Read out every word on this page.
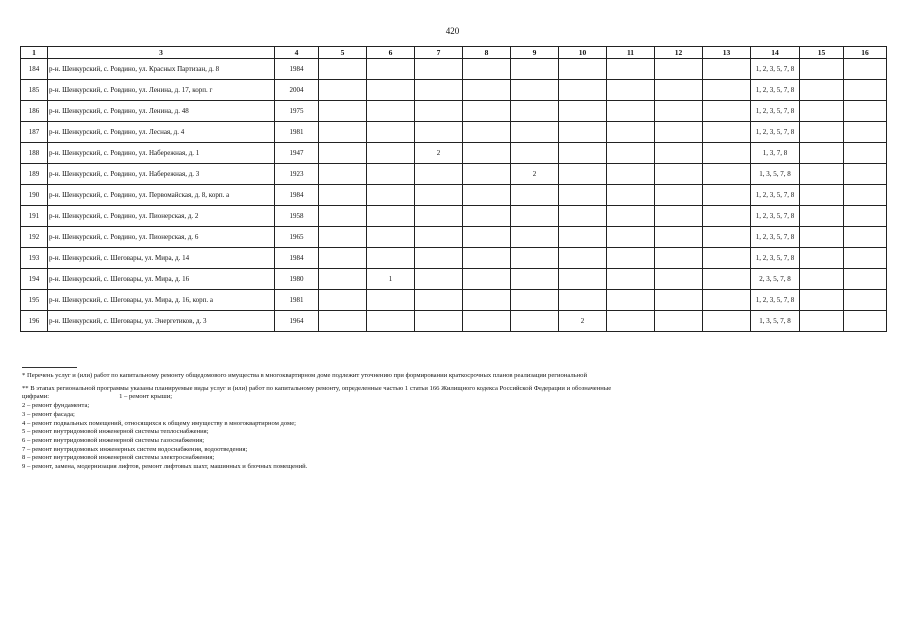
420
1	3	4	5	6	7	8	9	10	11	12	13	14	15	16
184	р-н. Шенкурский, с. Ровдино, ул. Красных Партизан, д. 8	1984										1, 2, 3, 5, 7, 8		
185	р-н. Шенкурский, с. Ровдино, ул. Ленина, д. 17, корп. г	2004										1, 2, 3, 5, 7, 8		
186	р-н. Шенкурский, с. Ровдино, ул. Ленина, д. 48	1975										1, 2, 3, 5, 7, 8		
187	р-н. Шенкурский, с. Ровдино, ул. Лесная, д. 4	1981										1, 2, 3, 5, 7, 8		
188	р-н. Шенкурский, с. Ровдино, ул. Набережная, д. 1	1947			2							1, 3, 7, 8		
189	р-н. Шенкурский, с. Ровдино, ул. Набережная, д. 3	1923					2					1, 3, 5, 7, 8		
190	р-н. Шенкурский, с. Ровдино, ул. Первомайская, д. 8, корп. а	1984										1, 2, 3, 5, 7, 8		
191	р-н. Шенкурский, с. Ровдино, ул. Пионерская, д. 2	1958										1, 2, 3, 5, 7, 8		
192	р-н. Шенкурский, с. Ровдино, ул. Пионерская, д. 6	1965										1, 2, 3, 5, 7, 8		
193	р-н. Шенкурский, с. Шеговары, ул. Мира, д. 14	1984										1, 2, 3, 5, 7, 8		
194	р-н. Шенкурский, с. Шеговары, ул. Мира, д. 16	1980		1								2, 3, 5, 7, 8		
195	р-н. Шенкурский, с. Шеговары, ул. Мира, д. 16, корп. а	1981										1, 2, 3, 5, 7, 8		
196	р-н. Шенкурский, с. Шеговары, ул. Энергетиков, д. 3	1964						2				1, 3, 5, 7, 8		

* Перечень услуг и (или) работ по капитальному ремонту общедомового имущества в многоквартирном доме подлежит уточнению при формировании краткосрочных планов реализации региональной

** В этапах региональной программы указаны планируемые виды услуг и (или) работ по капитальному ремонту, определенные частью 1 статьи 166 Жилищного кодекса Российской Федерации и обозначенные

цифрами:	1 – ремонт крыши;

2 – ремонт фундамента;

3 – ремонт фасада;

4 – ремонт подвальных помещений, относящихся к общему имуществу в многоквартирном доме;

5 – ремонт внутридомовой инженерной системы теплоснабжения;

6 – ремонт внутридомовой инженерной системы газоснабжения;

7 – ремонт внутридомовых инженерных систем водоснабжения, водоотведения;

8 – ремонт внутридомовой инженерной системы электроснабжения;

9 – ремонт, замена, модернизация лифтов, ремонт лифтовых шахт, машинных и блочных помещений.
